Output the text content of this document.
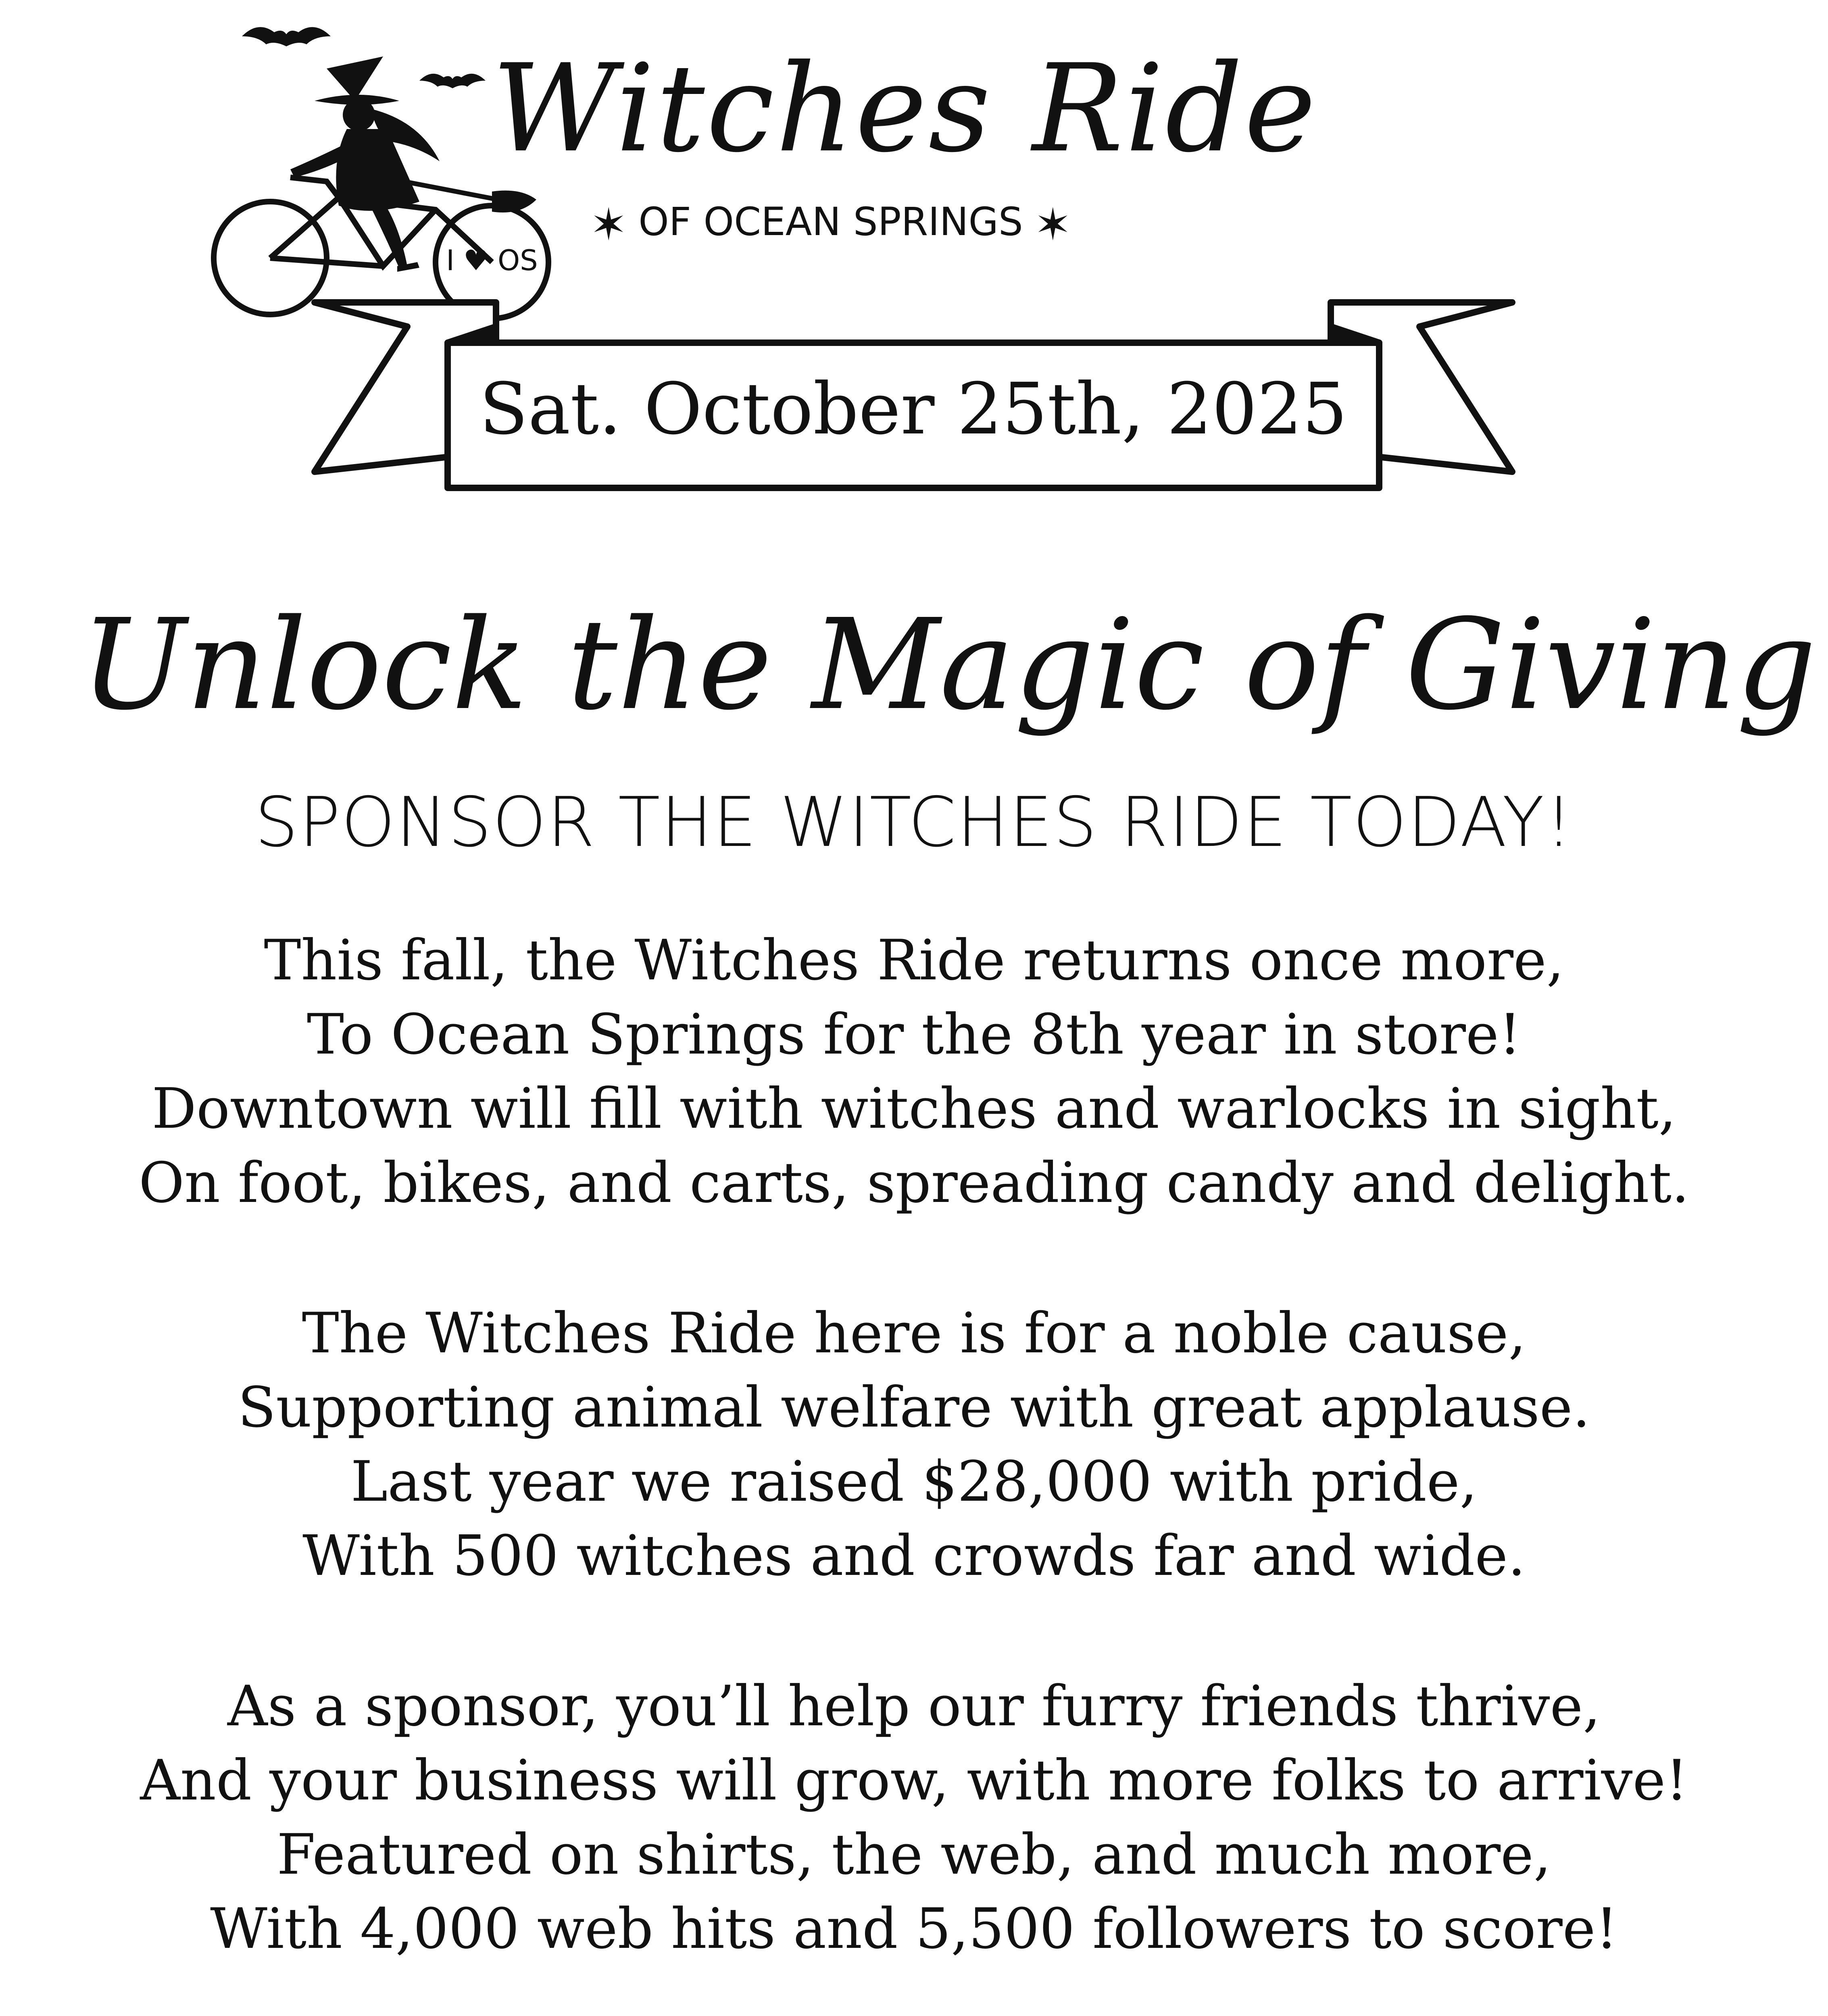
I ♥ OS
Witches Ride
✶ OF OCEAN SPRINGS ✶
Sat. October 25th, 2025
Unlock the Magic of Giving
SPONSOR THE WITCHES RIDE TODAY!
This fall, the Witches Ride returns once more,
To Ocean Springs for the 8th year in store!
Downtown will fill with witches and warlocks in sight,
On foot, bikes, and carts, spreading candy and delight.
The Witches Ride here is for a noble cause,
Supporting animal welfare with great applause.
Last year we raised $28,000 with pride,
With 500 witches and crowds far and wide.
As a sponsor, you’ll help our furry friends thrive,
And your business will grow, with more folks to arrive!
Featured on shirts, the web, and much more,
With 4,000 web hits and 5,500 followers to score!
